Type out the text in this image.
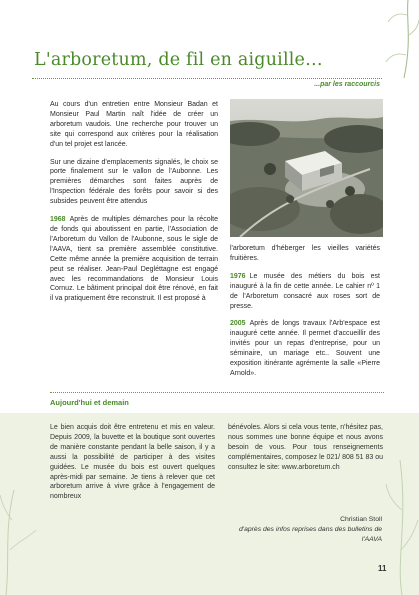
L'arboretum, de fil en aiguille…
...par les raccourcis

Au cours d'un entretien entre Monsieur Badan et Monsieur Paul Martin naît l'idée de créer un arboretum vaudois. Une recherche pour trouver un site qui correspond aux critères pour la réalisation d'un tel projet est lancée.

Sur une dizaine d'emplacements signalés, le choix se porte finalement sur le vallon de l'Aubonne. Les premières démarches sont faites auprès de l'Inspection fédérale des forêts pour savoir si des subsides peuvent être attendus

1968 Après de multiples démarches pour la récolte de fonds qui aboutissent en partie, l'Association de l'Arboretum du Vallon de l'Aubonne, sous le sigle de l'AAVA, tient sa première assemblée constitutive. Cette même année la première acquisition de terrain peut se réaliser. Jean-Paul Degléttagne est engagé avec les recommandations de Monsieur Louis Cornuz. Le bâtiment principal doit être rénové, en fait il va pratiquement être reconstruit. Il est proposé à

l'arboretum d'héberger les vieilles variétés fruitières.

1976 Le musée des métiers du bois est inauguré à la fin de cette année. Le cahier nº 1 de l'Arboretum consacré aux roses sort de presse.

2005 Après de longs travaux l'Arb'espace est inauguré cette année. Il permet d'accueillir des invités pour un repas d'entreprise, pour un séminaire, un mariage etc.. Souvent une exposition itinérante agrémente la salle «Pierre Arnold».

Aujourd'hui et demain

Le bien acquis doit être entretenu et mis en valeur. Depuis 2009, la buvette et la boutique sont ouvertes de manière constante pendant la belle saison, il y a aussi la possibilité de participer à des visites guidées. Le musée du bois est ouvert quelques après-midi par semaine. Je tiens à relever que cet arboretum arrive à vivre grâce à l'engagement de nombreux

bénévoles. Alors si cela vous tente, n'hésitez pas, nous sommes une bonne équipe et nous avons besoin de vous. Pour tous renseignements complémentaires, composez le 021/ 808 51 83 ou consultez le site: www.arboretum.ch

Christian Stoll
d'après des infos reprises dans des bulletins de l'AAVA
11
